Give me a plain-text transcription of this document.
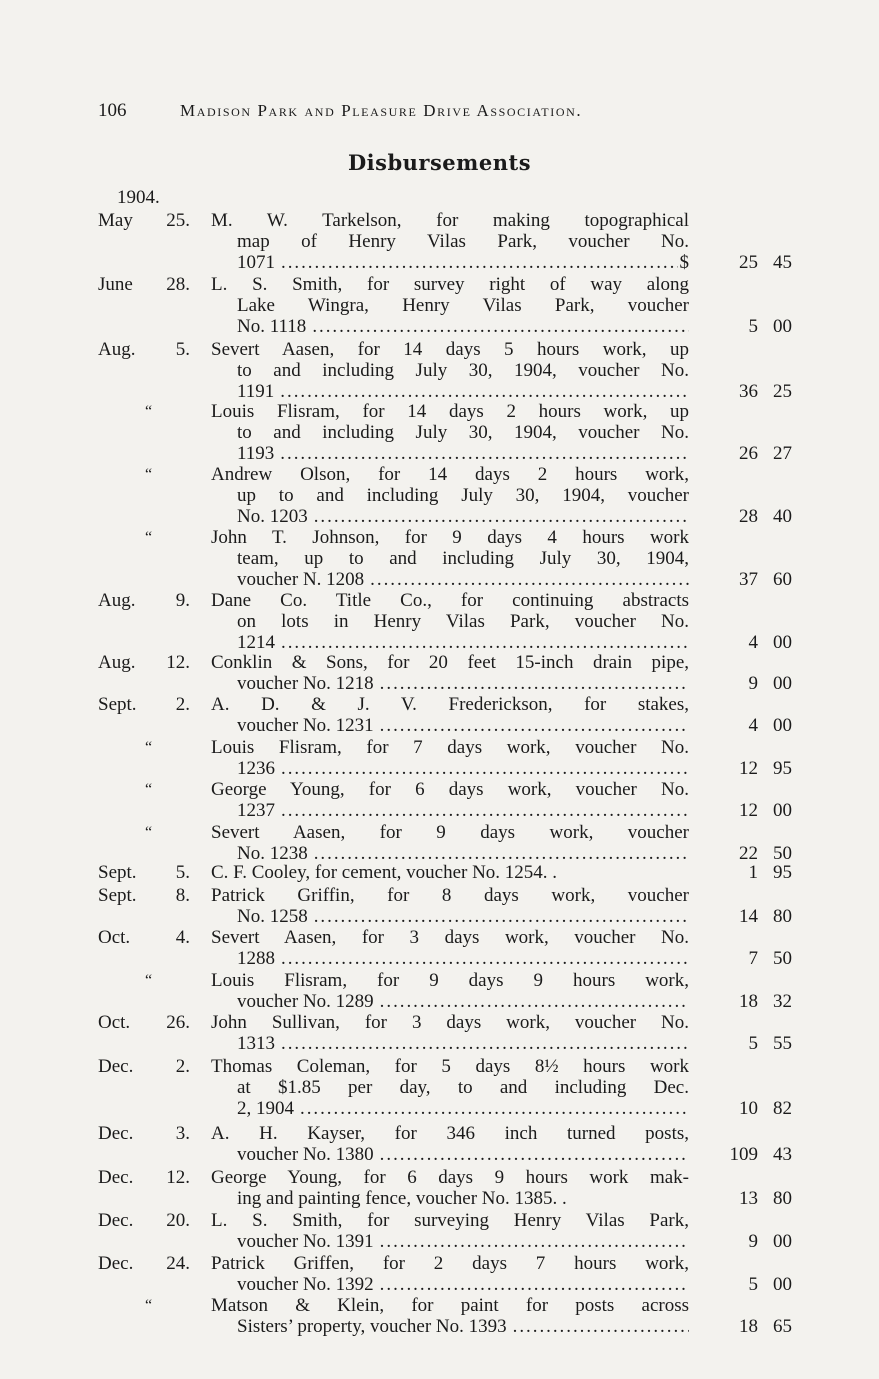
106	Madison Park and Pleasure Drive Association.
Disbursements
1904.
May	25. M. W. Tarkelson, for making topographical
map of Henry Vilas Park, voucher No.
1071 . . .	$	25 45
June	28. L. S. Smith, for survey right of way along
Lake Wingra, Henry Vilas Park, voucher
No. 1118 . . .	5 00
Aug.	5. Severt Aasen, for 14 days 5 hours work, up
to and including July 30, 1904, voucher No.
1191 . . .	36 25
“	Louis Flisram, for 14 days 2 hours work, up
to and including July 30, 1904, voucher No.
1193 . . .	26 27
“	Andrew Olson, for 14 days 2 hours work,
up to and including July 30, 1904, voucher
No. 1203 . . .	28 40
“	John T. Johnson, for 9 days 4 hours work
team, up to and including July 30, 1904,
voucher N. 1208 . . .	37 60
Aug.	9. Dane Co. Title Co., for continuing abstracts
on lots in Henry Vilas Park, voucher No.
1214 . . .	4 00
Aug.	12. Conklin & Sons, for 20 feet 15-inch drain pipe,
voucher No. 1218 . . .	9 00
Sept.	2. A. D. & J. V. Frederickson, for stakes,
voucher No. 1231 . . .	4 00
“	Louis Flisram, for 7 days work, voucher No.
1236 . . .	12 95
“	George Young, for 6 days work, voucher No.
1237 . . .	12 00
“	Severt Aasen, for 9 days work, voucher
No. 1238 . . .	22 50
Sept.	5. C. F. Cooley, for cement, voucher No. 1254. .	1 95
Sept.	8. Patrick Griffin, for 8 days work, voucher
No. 1258 . . .	14 80
Oct.	4. Severt Aasen, for 3 days work, voucher No.
1288 . . .	7 50
“	Louis Flisram, for 9 days 9 hours work,
voucher No. 1289 . . .	18 32
Oct.	26. John Sullivan, for 3 days work, voucher No.
1313 . . .	5 55
Dec.	2. Thomas Coleman, for 5 days 8½ hours work
at $1.85 per day, to and including Dec.
2, 1904 . . .	10 82
Dec.	3. A. H. Kayser, for 346 inch turned posts,
voucher No. 1380 . . .	109 43
Dec.	12. George Young, for 6 days 9 hours work mak-
ing and painting fence, voucher No. 1385. .	13 80
Dec.	20. L. S. Smith, for surveying Henry Vilas Park,
voucher No. 1391 . . .	9 00
Dec.	24. Patrick Griffen, for 2 days 7 hours work,
voucher No. 1392 . . .	5 00
“	Matson & Klein, for paint for posts across
Sisters’ property, voucher No. 1393 . . .	18 65
